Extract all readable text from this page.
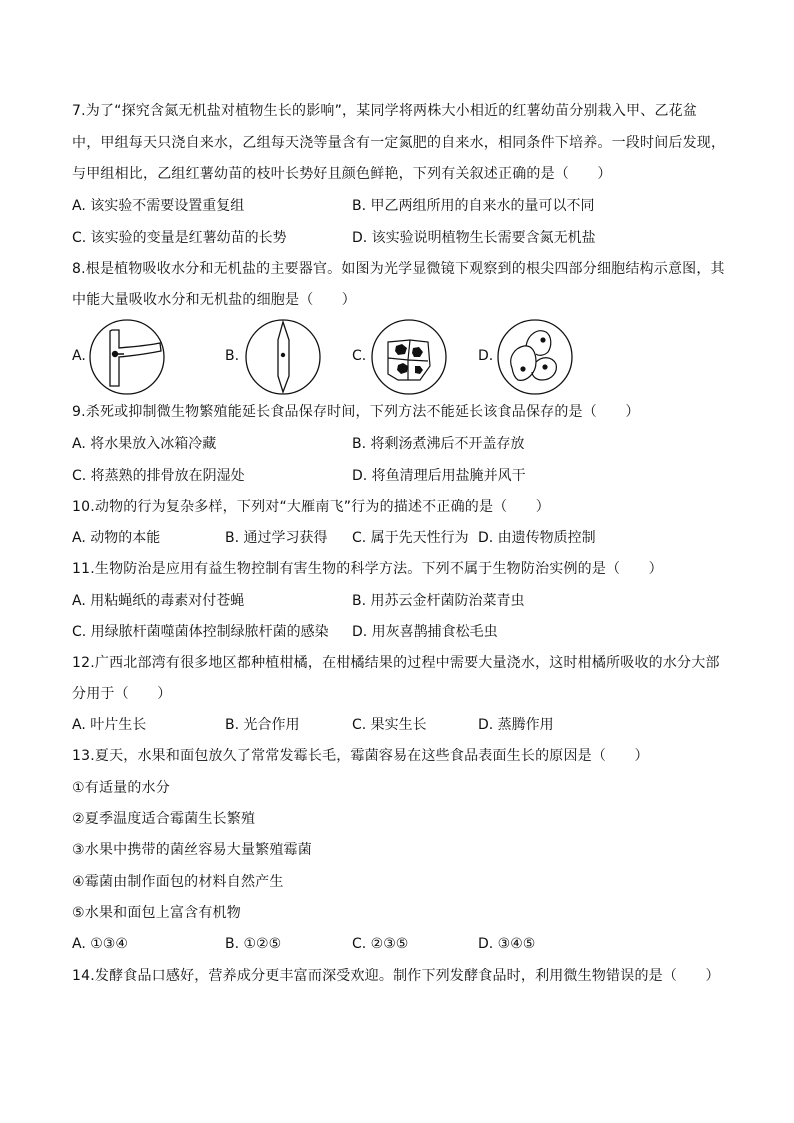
7.为了“探究含氮无机盐对植物生长的影响”，某同学将两株大小相近的红薯幼苗分别栽入甲、乙花盆
中，甲组每天只浇自来水，乙组每天浇等量含有一定氮肥的自来水，相同条件下培养。一段时间后发现，
与甲组相比，乙组红薯幼苗的枝叶长势好且颜色鲜艳，下列有关叙述正确的是（　　）
A. 该实验不需要设置重复组	B. 甲乙两组所用的自来水的量可以不同
C. 该实验的变量是红薯幼苗的长势	D. 该实验说明植物生长需要含氮无机盐
8.根是植物吸收水分和无机盐的主要器官。如图为光学显微镜下观察到的根尖四部分细胞结构示意图，其
中能大量吸收水分和无机盐的细胞是（　　）
A.	B.	C.	D.
9.杀死或抑制微生物繁殖能延长食品保存时间，下列方法不能延长该食品保存的是（　　）
A. 将水果放入冰箱冷藏	B. 将剩汤煮沸后不开盖存放
C. 将蒸熟的排骨放在阴湿处	D. 将鱼清理后用盐腌并风干
10.动物的行为复杂多样，下列对“大雁南飞”行为的描述不正确的是（　　）
A. 动物的本能	B. 通过学习获得 C. 属于先天性行为 D. 由遗传物质控制
11.生物防治是应用有益生物控制有害生物的科学方法。下列不属于生物防治实例的是（　　）
A. 用粘蝇纸的毒素对付苍蝇	B. 用苏云金杆菌防治菜青虫
C. 用绿脓杆菌噬菌体控制绿脓杆菌的感染 D. 用灰喜鹊捕食松毛虫
12.广西北部湾有很多地区都种植柑橘，在柑橘结果的过程中需要大量浇水，这时柑橘所吸收的水分大部
分用于（　　）
A. 叶片生长	B. 光合作用	C. 果实生长	D. 蒸腾作用
13.夏天，水果和面包放久了常常发霉长毛，霉菌容易在这些食品表面生长的原因是（　　）
①有适量的水分
②夏季温度适合霉菌生长繁殖
③水果中携带的菌丝容易大量繁殖霉菌
④霉菌由制作面包的材料自然产生
⑤水果和面包上富含有机物
A. ①③④	B. ①②⑤	C. ②③⑤	D. ③④⑤
14.发酵食品口感好，营养成分更丰富而深受欢迎。制作下列发酵食品时，利用微生物错误的是（　　）
